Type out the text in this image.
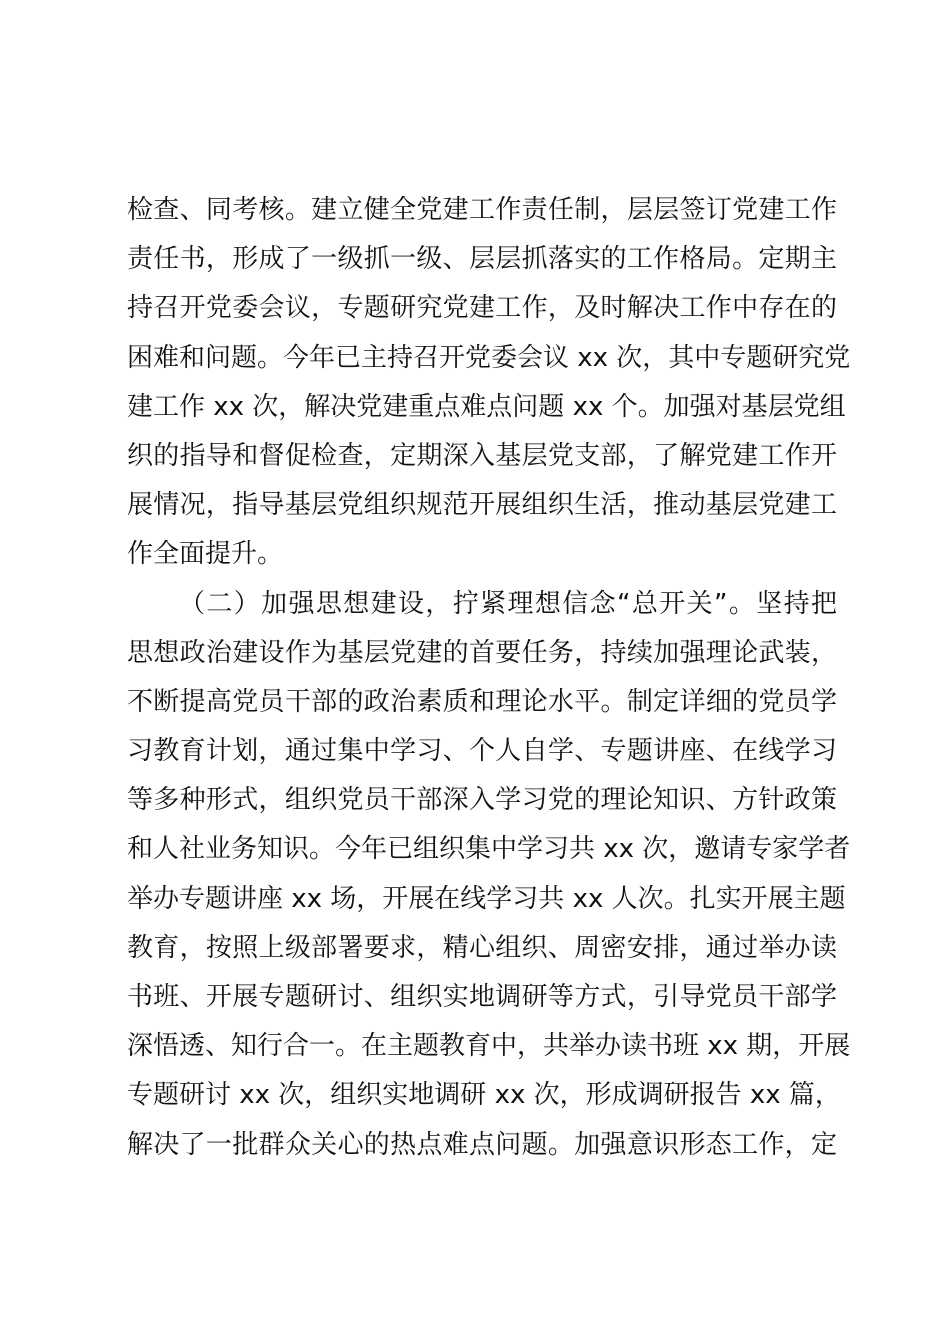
检查、同考核。建立健全党建工作责任制，层层签订党建工作
责任书，形成了一级抓一级、层层抓落实的工作格局。定期主
持召开党委会议，专题研究党建工作，及时解决工作中存在的
困难和问题。今年已主持召开党委会议 xx 次，其中专题研究党
建工作 xx 次，解决党建重点难点问题 xx 个。加强对基层党组
织的指导和督促检查，定期深入基层党支部，了解党建工作开
展情况，指导基层党组织规范开展组织生活，推动基层党建工
作全面提升。
（二）加强思想建设，拧紧理想信念“总开关”。坚持把
思想政治建设作为基层党建的首要任务，持续加强理论武装，
不断提高党员干部的政治素质和理论水平。制定详细的党员学
习教育计划，通过集中学习、个人自学、专题讲座、在线学习
等多种形式，组织党员干部深入学习党的理论知识、方针政策
和人社业务知识。今年已组织集中学习共 xx 次，邀请专家学者
举办专题讲座 xx 场，开展在线学习共 xx 人次。扎实开展主题
教育，按照上级部署要求，精心组织、周密安排，通过举办读
书班、开展专题研讨、组织实地调研等方式，引导党员干部学
深悟透、知行合一。在主题教育中，共举办读书班 xx 期，开展
专题研讨 xx 次，组织实地调研 xx 次，形成调研报告 xx 篇，
解决了一批群众关心的热点难点问题。加强意识形态工作，定
